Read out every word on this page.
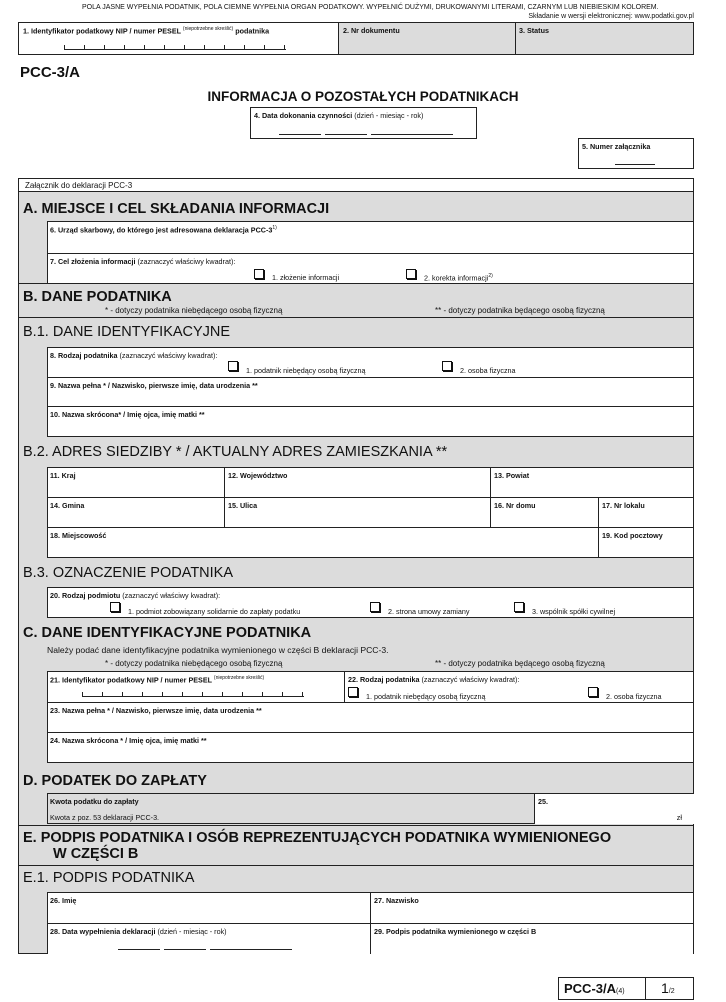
POLA JASNE WYPEŁNIA PODATNIK, POLA CIEMNE WYPEŁNIA ORGAN PODATKOWY. WYPEŁNIĆ DUŻYMI, DRUKOWANYMI LITERAMI, CZARNYM LUB NIEBIESKIM KOLOREM.
Składanie w wersji elektronicznej: www.podatki.gov.pl
1. Identyfikator podatkowy NIP / numer PESEL $^{(niepotrzebne skreślić)}$ podatnika	2. Nr dokumentu	3. Status
PCC-3/A
INFORMACJA O POZOSTAŁYCH PODATNIKACH
4. Data dokonania czynności (dzień - miesiąc - rok)
5. Numer załącznika
Załącznik do deklaracji PCC-3
A. MIEJSCE I CEL SKŁADANIA INFORMACJI
6. Urząd skarbowy, do którego jest adresowana deklaracja PCC-3$^{1)}$
7. Cel złożenia informacji (zaznaczyć właściwy kwadrat):
1. złożenie informacji	2. korekta informacji$^{2)}$
B. DANE PODATNIKA
* - dotyczy podatnika niebędącego osobą fizyczną	** - dotyczy podatnika będącego osobą fizyczną
B.1. DANE IDENTYFIKACYJNE
8. Rodzaj podatnika (zaznaczyć właściwy kwadrat):
1. podatnik niebędący osobą fizyczną	2. osoba fizyczna
9. Nazwa pełna * / Nazwisko, pierwsze imię, data urodzenia **
10. Nazwa skrócona* / Imię ojca, imię matki **
B.2. ADRES SIEDZIBY * / AKTUALNY ADRES ZAMIESZKANIA **
11. Kraj	12. Województwo	13. Powiat
14. Gmina	15. Ulica	16. Nr domu	17. Nr lokalu
18. Miejscowość	19. Kod pocztowy
B.3. OZNACZENIE PODATNIKA
20. Rodzaj podmiotu (zaznaczyć właściwy kwadrat):
1. podmiot zobowiązany solidarnie do zapłaty podatku	2. strona umowy zamiany	3. wspólnik spółki cywilnej
C. DANE IDENTYFIKACYJNE PODATNIKA
Należy podać dane identyfikacyjne podatnika wymienionego w części B deklaracji PCC-3.
* - dotyczy podatnika niebędącego osobą fizyczną	** - dotyczy podatnika będącego osobą fizyczną
21. Identyfikator podatkowy NIP / numer PESEL $^{(niepotrzebne skreślić)}$	22. Rodzaj podatnika (zaznaczyć właściwy kwadrat):
1. podatnik niebędący osobą fizyczną	2. osoba fizyczna
23. Nazwa pełna * / Nazwisko, pierwsze imię, data urodzenia **
24. Nazwa skrócona * / Imię ojca, imię matki **
D. PODATEK DO ZAPŁATY
Kwota podatku do zapłaty
Kwota z poz. 53 deklaracji PCC-3.
25.
zł
E. PODPIS PODATNIKA I OSÓB REPREZENTUJĄCYCH PODATNIKA WYMIENIONEGO
W CZĘŚCI B
E.1. PODPIS PODATNIKA
26. Imię	27. Nazwisko
28. Data wypełnienia deklaracji (dzień - miesiąc - rok)	29. Podpis podatnika wymienionego w części B
PCC-3/A(4)	1/2
